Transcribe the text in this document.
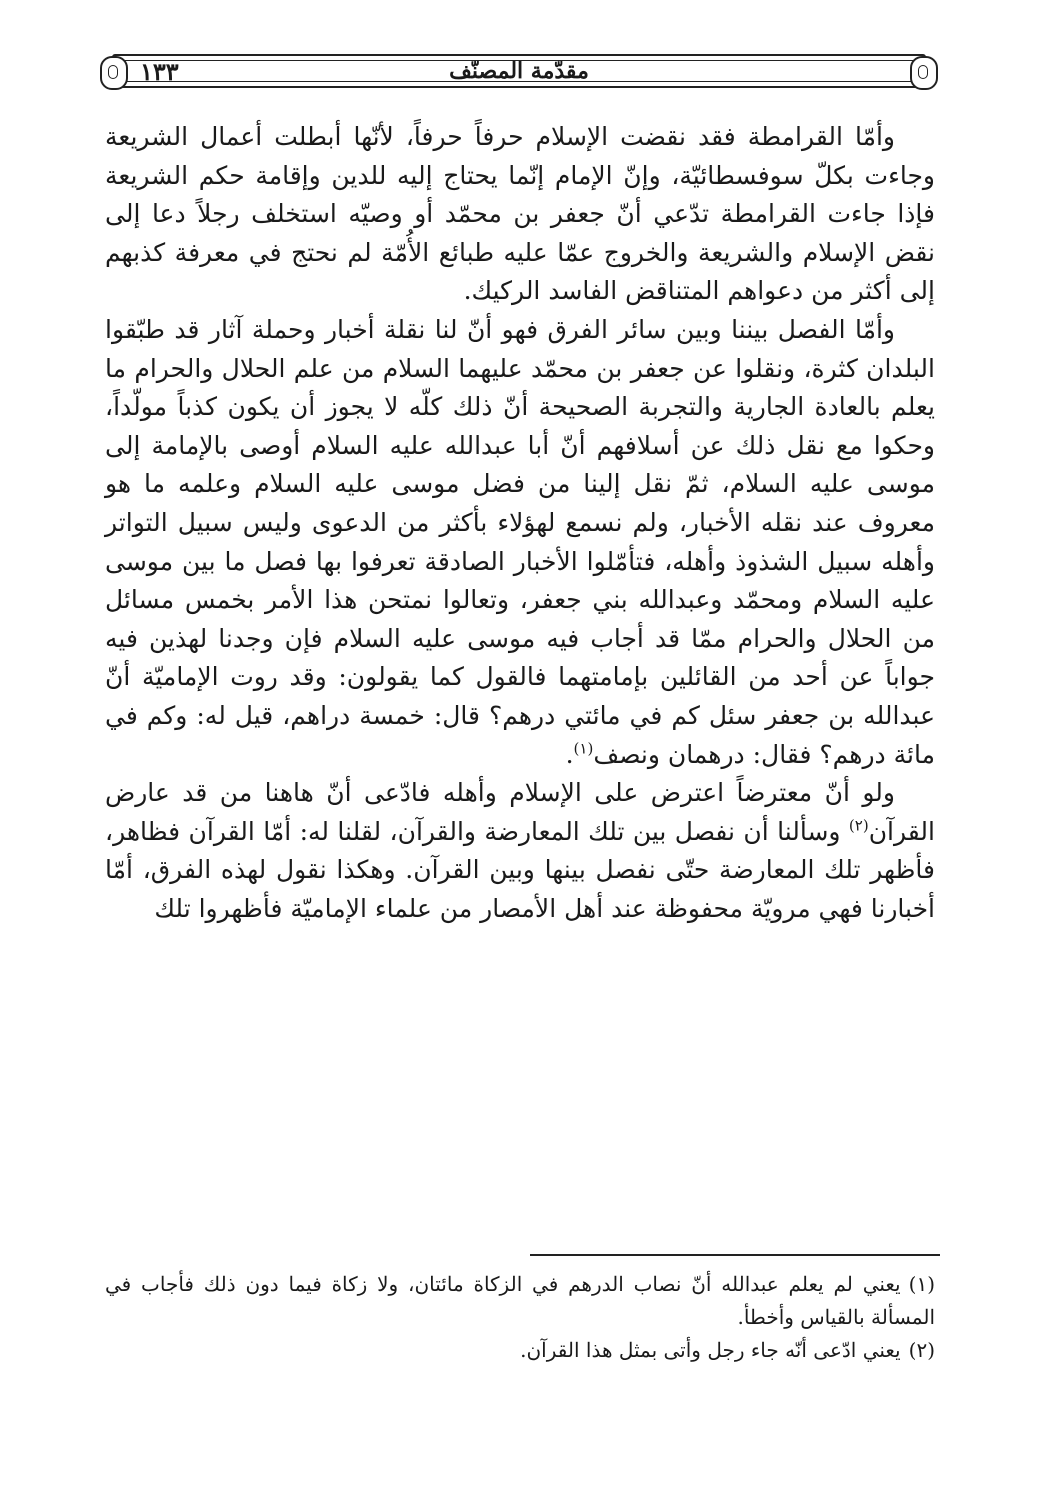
مقدّمة المصنّف
١٣٣

وأمّا القرامطة فقد نقضت الإسلام حرفاً حرفاً، لأنّها أبطلت أعمال الشريعة وجاءت بكلّ سوفسطائيّة، وإنّ الإمام إنّما يحتاج إليه للدين وإقامة حكم الشريعة فإذا جاءت القرامطة تدّعي أنّ جعفر بن محمّد أو وصيّه استخلف رجلاً دعا إلى نقض الإسلام والشريعة والخروج عمّا عليه طبائع الأُمّة لم نحتج في معرفة كذبهم إلى أكثر من دعواهم المتناقض الفاسد الركيك.

وأمّا الفصل بيننا وبين سائر الفرق فهو أنّ لنا نقلة أخبار وحملة آثار قد طبّقوا البلدان كثرة، ونقلوا عن جعفر بن محمّد عليهما السلام من علم الحلال والحرام ما يعلم بالعادة الجارية والتجربة الصحيحة أنّ ذلك كلّه لا يجوز أن يكون كذباً مولّداً، وحكوا مع نقل ذلك عن أسلافهم أنّ أبا عبدالله عليه السلام أوصى بالإمامة إلى موسى عليه السلام، ثمّ نقل إلينا من فضل موسى عليه السلام وعلمه ما هو معروف عند نقله الأخبار، ولم نسمع لهؤلاء بأكثر من الدعوى وليس سبيل التواتر وأهله سبيل الشذوذ وأهله، فتأمّلوا الأخبار الصادقة تعرفوا بها فصل ما بين موسى عليه السلام ومحمّد وعبدالله بني جعفر، وتعالوا نمتحن هذا الأمر بخمس مسائل من الحلال والحرام ممّا قد أجاب فيه موسى عليه السلام فإن وجدنا لهذين فيه جواباً عن أحد من القائلين بإمامتهما فالقول كما يقولون: وقد روت الإماميّة أنّ عبدالله بن جعفر سئل كم في مائتي درهم؟ قال: خمسة دراهم، قيل له: وكم في مائة درهم؟ فقال: درهمان ونصف$^{(١)}$.

ولو أنّ معترضاً اعترض على الإسلام وأهله فادّعى أنّ هاهنا من قد عارض القرآن$^{(٢)}$ وسألنا أن نفصل بين تلك المعارضة والقرآن، لقلنا له: أمّا القرآن فظاهر، فأظهر تلك المعارضة حتّى نفصل بينها وبين القرآن. وهكذا نقول لهذه الفرق، أمّا أخبارنا فهي مرويّة محفوظة عند أهل الأمصار من علماء الإماميّة فأظهروا تلك

(١)يعني لم يعلم عبدالله أنّ نصاب الدرهم في الزكاة مائتان، ولا زكاة فيما دون ذلك فأجاب في المسألة بالقياس وأخطأ.

(٢)يعني ادّعى أنّه جاء رجل وأتى بمثل هذا القرآن.
